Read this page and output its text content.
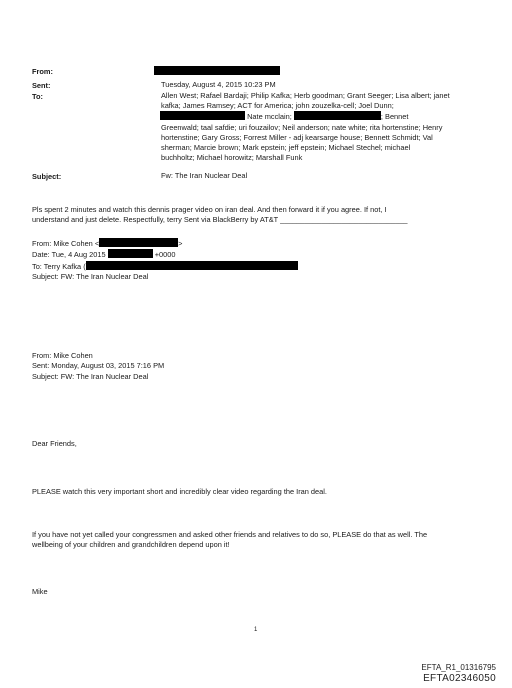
From:
Sent:	Tuesday, August 4, 2015 10:23 PM
To:	Allen West; Rafael Bardaji; Philip Kafka; Herb goodman; Grant Seeger; Lisa albert; janet
kafka; James Ramsey; ACT for America; john zouzelka-cell; Joel Dunn;
Nate mcclain;	; Bennet
Greenwald; taal safdie; uri fouzailov; Neil anderson; nate white; rita hortenstine; Henry
hortenstine; Gary Gross; Forrest Miller - adj kearsarge house; Bennett Schmidt; Val
sherman; Marcie brown; Mark epstein; jeff epstein; Michael Stechel; michael
buchholtz; Michael horowitz; Marshall Funk
Subject:	Fw: The Iran Nuclear Deal
Pls spent 2 minutes and watch this dennis prager video on iran deal. And then forward it if you agree. If not, I
understand and just delete. Respectfully, terry Sent via BlackBerry by AT&T _______________________________
From: Mike Cohen <	>
Date: Tue, 4 Aug 2015	+0000
To: Terry Kafka (
Subject: FW: The Iran Nuclear Deal
From: Mike Cohen
Sent: Monday, August 03, 2015 7:16 PM
Subject: FW: The Iran Nuclear Deal
Dear Friends,
PLEASE watch this very important short and incredibly clear video regarding the Iran deal.
If you have not yet called your congressmen and asked other friends and relatives to do so, PLEASE do that as well. The
wellbeing of your children and grandchildren depend upon it!
Mike
1
EFTA_R1_01316795
EFTA02346050
